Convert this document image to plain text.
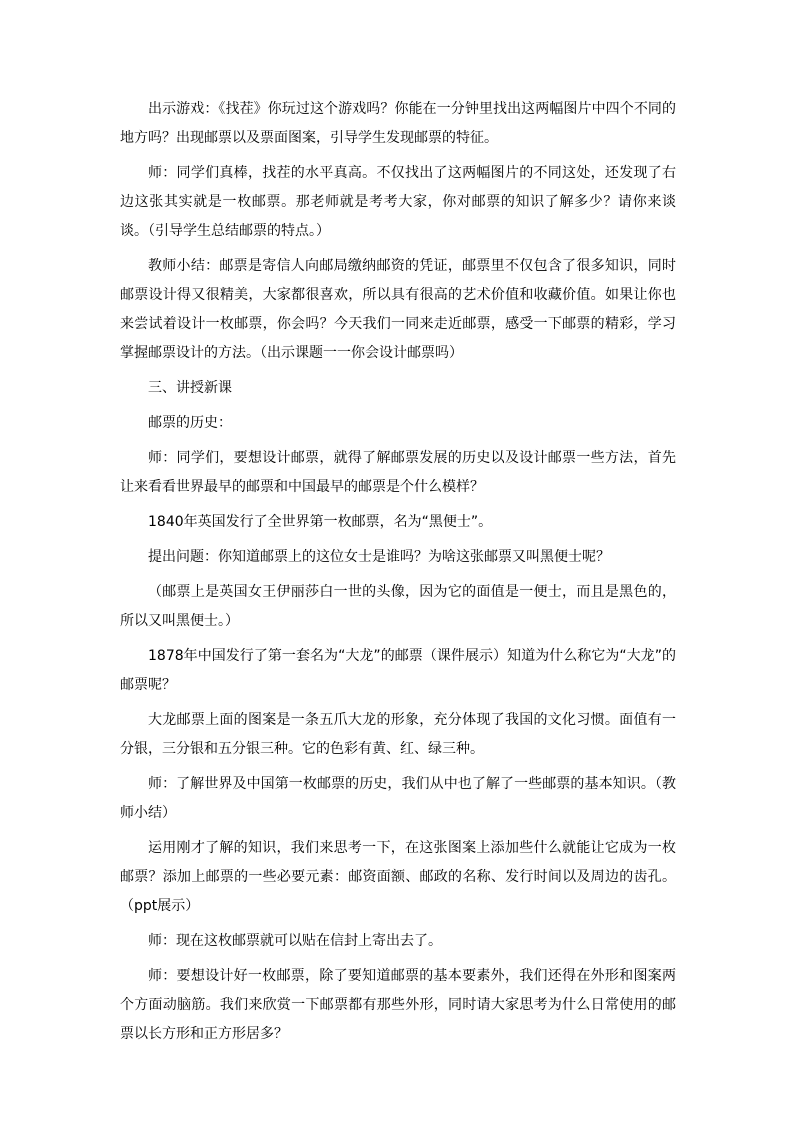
出示游戏：《找茬》你玩过这个游戏吗？你能在一分钟里找出这两幅图片中四个不同的地方吗？出现邮票以及票面图案，引导学生发现邮票的特征。

师：同学们真棒，找茬的水平真高。不仅找出了这两幅图片的不同这处，还发现了右边这张其实就是一枚邮票。那老师就是考考大家，你对邮票的知识了解多少？请你来谈谈。（引导学生总结邮票的特点。）

教师小结：邮票是寄信人向邮局缴纳邮资的凭证，邮票里不仅包含了很多知识，同时邮票设计得又很精美，大家都很喜欢，所以具有很高的艺术价值和收藏价值。如果让你也来尝试着设计一枚邮票，你会吗？今天我们一同来走近邮票，感受一下邮票的精彩，学习掌握邮票设计的方法。（出示课题一一你会设计邮票吗）

三、讲授新课

邮票的历史：

师：同学们，要想设计邮票，就得了解邮票发展的历史以及设计邮票一些方法，首先让来看看世界最早的邮票和中国最早的邮票是个什么模样？

1840年英国发行了全世界第一枚邮票，名为“黑便士”。

提出问题：你知道邮票上的这位女士是谁吗？为啥这张邮票又叫黑便士呢？

（邮票上是英国女王伊丽莎白一世的头像，因为它的面值是一便士，而且是黑色的，所以又叫黑便士。）

1878年中国发行了第一套名为“大龙”的邮票（课件展示）知道为什么称它为“大龙”的邮票呢？

大龙邮票上面的图案是一条五爪大龙的形象，充分体现了我国的文化习惯。面值有一分银，三分银和五分银三种。它的色彩有黄、红、绿三种。

师：了解世界及中国第一枚邮票的历史，我们从中也了解了一些邮票的基本知识。（教师小结）

运用刚才了解的知识，我们来思考一下，在这张图案上添加些什么就能让它成为一枚邮票？添加上邮票的一些必要元素：邮资面额、邮政的名称、发行时间以及周边的齿孔。（ppt展示）

师：现在这枚邮票就可以贴在信封上寄出去了。

师：要想设计好一枚邮票，除了要知道邮票的基本要素外，我们还得在外形和图案两个方面动脑筋。我们来欣赏一下邮票都有那些外形，同时请大家思考为什么日常使用的邮票以长方形和正方形居多？
